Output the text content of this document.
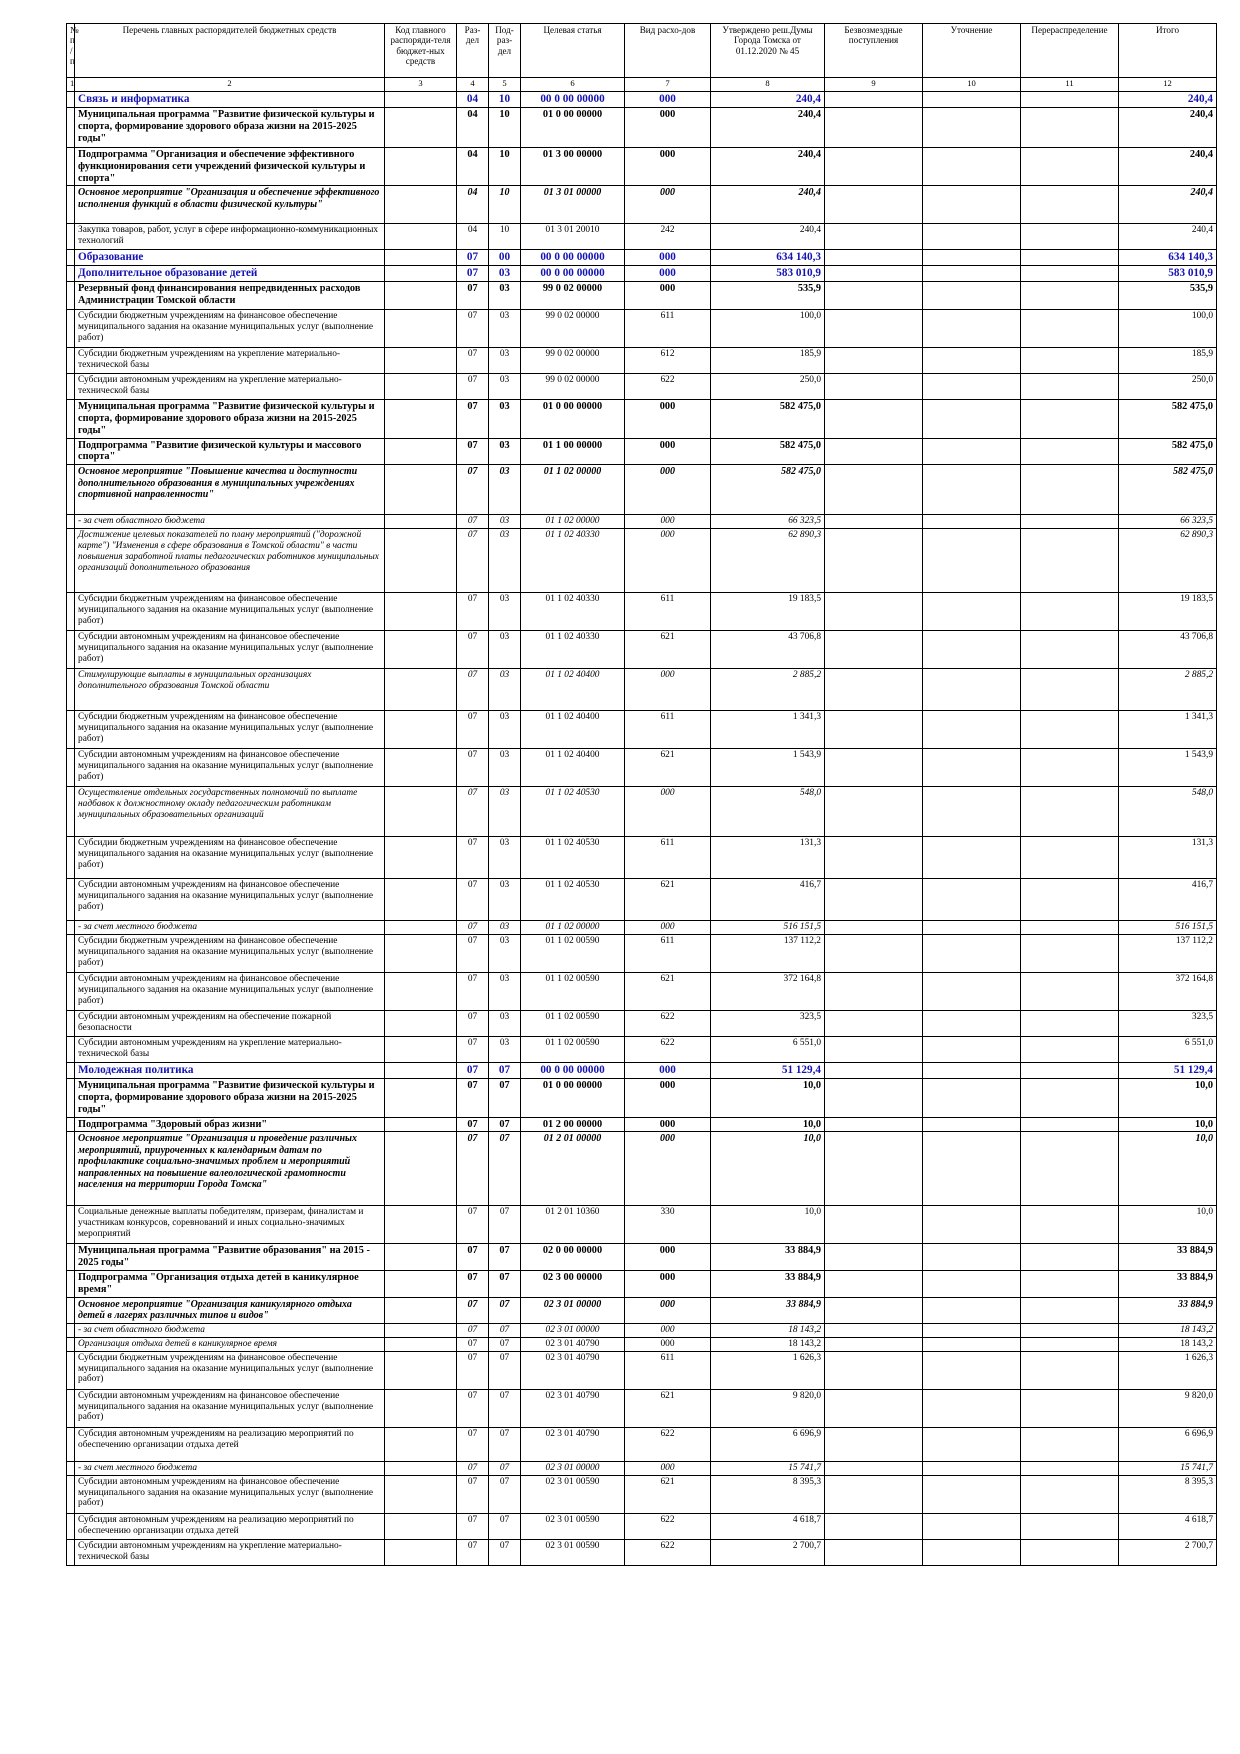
№ п/п	Перечень главных распорядителей бюджетных средств	Код главного распоряди-теля бюджет-ных средств	Раз-дел	Под-раз-дел	Целевая статья	Вид расхо-дов	Утверждено реш.Думы Города Томска от 01.12.2020 № 45	Безвозмездные поступления	Уточнение	Перераспределение	Итого
1	2	3	4	5	6	7	8	9	10	11	12
	Связь и информатика		04	10	00 0 00 00000	000	240,4				240,4
	Муниципальная программа "Развитие физической культуры и спорта, формирование здорового образа жизни на 2015-2025 годы"		04	10	01 0 00 00000	000	240,4				240,4
	Подпрограмма "Организация и обеспечение эффективного функционирования сети учреждений физической культуры и спорта"		04	10	01 3 00 00000	000	240,4				240,4
	Основное мероприятие "Организация и обеспечение эффективного исполнения функций в области физической культуры"		04	10	01 3 01 00000	000	240,4				240,4
	Закупка товаров, работ, услуг в сфере информационно-коммуникационных технологий		04	10	01 3 01 20010	242	240,4				240,4
	Образование		07	00	00 0 00 00000	000	634 140,3				634 140,3
	Дополнительное образование детей		07	03	00 0 00 00000	000	583 010,9				583 010,9
	Резервный фонд финансирования непредвиденных расходов Администрации Томской области		07	03	99 0 02 00000	000	535,9				535,9
	Субсидии бюджетным учреждениям на финансовое обеспечение муниципального задания на оказание муниципальных услуг (выполнение работ)		07	03	99 0 02 00000	611	100,0				100,0
	Субсидии бюджетным учреждениям на укрепление материально-технической базы		07	03	99 0 02 00000	612	185,9				185,9
	Субсидии автономным учреждениям на укрепление материально-технической базы		07	03	99 0 02 00000	622	250,0				250,0
	Муниципальная программа "Развитие физической культуры и спорта, формирование здорового образа жизни на 2015-2025 годы"		07	03	01 0 00 00000	000	582 475,0				582 475,0
	Подпрограмма "Развитие физической культуры и массового спорта"		07	03	01 1 00 00000	000	582 475,0				582 475,0
	Основное мероприятие "Повышение качества и доступности дополнительного образования в муниципальных учреждениях спортивной направленности"		07	03	01 1 02 00000	000	582 475,0				582 475,0
	- за счет областного бюджета		07	03	01 1 02 00000	000	66 323,5				66 323,5
	Достижение целевых показателей по плану мероприятий ("дорожной карте") "Изменения в сфере образования в Томской области" в части повышения заработной платы педагогических работников муниципальных организаций дополнительного образования		07	03	01 1 02 40330	000	62 890,3				62 890,3
	Субсидии бюджетным учреждениям на финансовое обеспечение муниципального задания на оказание муниципальных услуг (выполнение работ)		07	03	01 1 02 40330	611	19 183,5				19 183,5
	Субсидии автономным учреждениям на финансовое обеспечение муниципального задания на оказание муниципальных услуг (выполнение работ)		07	03	01 1 02 40330	621	43 706,8				43 706,8
	Стимулирующие выплаты в муниципальных организациях дополнительного образования Томской области		07	03	01 1 02 40400	000	2 885,2				2 885,2
	Субсидии бюджетным учреждениям на финансовое обеспечение муниципального задания на оказание муниципальных услуг (выполнение работ)		07	03	01 1 02 40400	611	1 341,3				1 341,3
	Субсидии автономным учреждениям на финансовое обеспечение муниципального задания на оказание муниципальных услуг (выполнение работ)		07	03	01 1 02 40400	621	1 543,9				1 543,9
	Осуществление отдельных государственных полномочий по выплате надбавок к должностному окладу педагогическим работникам муниципальных образовательных организаций		07	03	01 1 02 40530	000	548,0				548,0
	Субсидии бюджетным учреждениям на финансовое обеспечение муниципального задания на оказание муниципальных услуг (выполнение работ)		07	03	01 1 02 40530	611	131,3				131,3
	Субсидии автономным учреждениям на финансовое обеспечение муниципального задания на оказание муниципальных услуг (выполнение работ)		07	03	01 1 02 40530	621	416,7				416,7
	- за счет местного бюджета		07	03	01 1 02 00000	000	516 151,5				516 151,5
	Субсидии бюджетным учреждениям на финансовое обеспечение муниципального задания на оказание муниципальных услуг (выполнение работ)		07	03	01 1 02 00590	611	137 112,2				137 112,2
	Субсидии автономным учреждениям на финансовое обеспечение муниципального задания на оказание муниципальных услуг (выполнение работ)		07	03	01 1 02 00590	621	372 164,8				372 164,8
	Субсидии автономным учреждениям на обеспечение пожарной безопасности		07	03	01 1 02 00590	622	323,5				323,5
	Субсидии автономным учреждениям на укрепление материально-технической базы		07	03	01 1 02 00590	622	6 551,0				6 551,0
	Молодежная политика		07	07	00 0 00 00000	000	51 129,4				51 129,4
	Муниципальная программа "Развитие физической культуры и спорта, формирование здорового образа жизни на 2015-2025 годы"		07	07	01 0 00 00000	000	10,0				10,0
	Подпрограмма "Здоровый образ жизни"		07	07	01 2 00 00000	000	10,0				10,0
	Основное мероприятие "Организация и проведение различных мероприятий, приуроченных к календарным датам по профилактике социально-значимых проблем и мероприятий направленных на повышение валеологической грамотности населения на территории Города Томска"		07	07	01 2 01 00000	000	10,0				10,0
	Социальные денежные выплаты победителям, призерам, финалистам и участникам конкурсов, соревнований и иных социально-значимых мероприятий		07	07	01 2 01 10360	330	10,0				10,0
	Муниципальная программа "Развитие образования" на 2015 - 2025 годы"		07	07	02 0 00 00000	000	33 884,9				33 884,9
	Подпрограмма "Организация отдыха детей в каникулярное время"		07	07	02 3 00 00000	000	33 884,9				33 884,9
	Основное мероприятие "Организация каникулярного отдыха детей в лагерях различных типов и видов"		07	07	02 3 01 00000	000	33 884,9				33 884,9
	- за счет областного бюджета		07	07	02 3 01 00000	000	18 143,2				18 143,2
	Организация отдыха детей в каникулярное время		07	07	02 3 01 40790	000	18 143,2				18 143,2
	Субсидии бюджетным учреждениям на финансовое обеспечение муниципального задания на оказание муниципальных услуг (выполнение работ)		07	07	02 3 01 40790	611	1 626,3				1 626,3
	Субсидии автономным учреждениям на финансовое обеспечение муниципального задания на оказание муниципальных услуг (выполнение работ)		07	07	02 3 01 40790	621	9 820,0				9 820,0
	Субсидия автономным учреждениям на реализацию мероприятий по обеспечению организации отдыха детей		07	07	02 3 01 40790	622	6 696,9				6 696,9
	- за счет местного бюджета		07	07	02 3 01 00000	000	15 741,7				15 741,7
	Субсидии автономным учреждениям на финансовое обеспечение муниципального задания на оказание муниципальных услуг (выполнение работ)		07	07	02 3 01 00590	621	8 395,3				8 395,3
	Субсидия автономным учреждениям на реализацию мероприятий по обеспечению организации отдыха детей		07	07	02 3 01 00590	622	4 618,7				4 618,7
	Субсидии автономным учреждениям на укрепление материально-технической базы		07	07	02 3 01 00590	622	2 700,7				2 700,7
